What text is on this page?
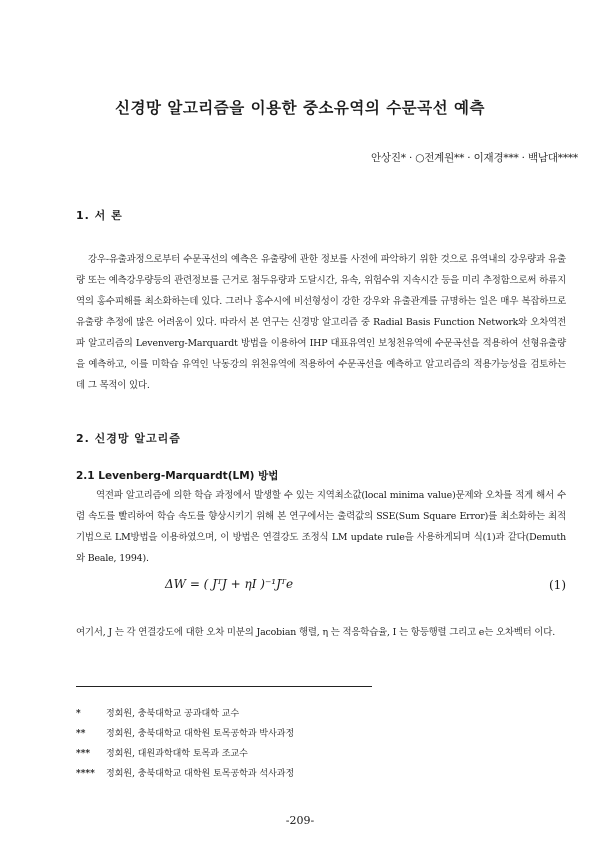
신경망 알고리즘을 이용한 중소유역의 수문곡선 예측
안상진* · ○전계원** · 이재경*** · 백남대****
1. 서 론
강우-유출과정으로부터 수문곡선의 예측은 유출량에 관한 정보를 사전에 파악하기 위한 것으로 유역내의 강우량과 유출량 또는 예측강우량등의 관련정보를 근거로 첨두유량과 도달시간, 유속, 위험수위 지속시간 등을 미리 추정함으로써 하류지역의 홍수피해를 최소화하는데 있다. 그러나 홍수시에 비선형성이 강한 강우와 유출관계를 규명하는 일은 매우 복잡하므로 유출량 추정에 많은 어려움이 있다. 따라서 본 연구는 신경망 알고리즘 중 Radial Basis Function Network와 오차역전파 알고리즘의 Levenverg-Marquardt 방법을 이용하여 IHP 대표유역인 보청천유역에 수문곡선을 적용하여 선형유출량을 예측하고, 이를 미학습 유역인 낙동강의 위천유역에 적용하여 수문곡선을 예측하고 알고리즘의 적용가능성을 검토하는데 그 목적이 있다.
2. 신경망 알고리즘
2.1 Levenberg-Marquardt(LM) 방법
역전파 알고리즘에 의한 학습 과정에서 발생할 수 있는 지역최소값(local minima value)문제와 오차를 적게 해서 수렴 속도를 빨리하여 학습 속도를 향상시키기 위해 본 연구에서는 출력값의 SSE(Sum Square Error)를 최소화하는 최적기법으로 LM방법을 이용하였으며, 이 방법은 연결강도 조정식 LM update rule을 사용하게되며 식(1)과 같다(Demuth 와 Beale, 1994).
ΔW = ( JᵀJ + ηI )⁻¹Jᵀe	(1)
여기서, J 는 각 연결강도에 대한 오차 미분의 Jacobian 행렬, η 는 적응학습율, I 는 항등행렬 그리고 e는 오차벡터 이다.
*	정회원, 충북대학교 공과대학 교수
** 정회원, 충북대학교 대학원 토목공학과 박사과정
*** 정회원, 대원과학대학 토목과 조교수
**** 정회원, 충북대학교 대학원 토목공학과 석사과정
-209-
